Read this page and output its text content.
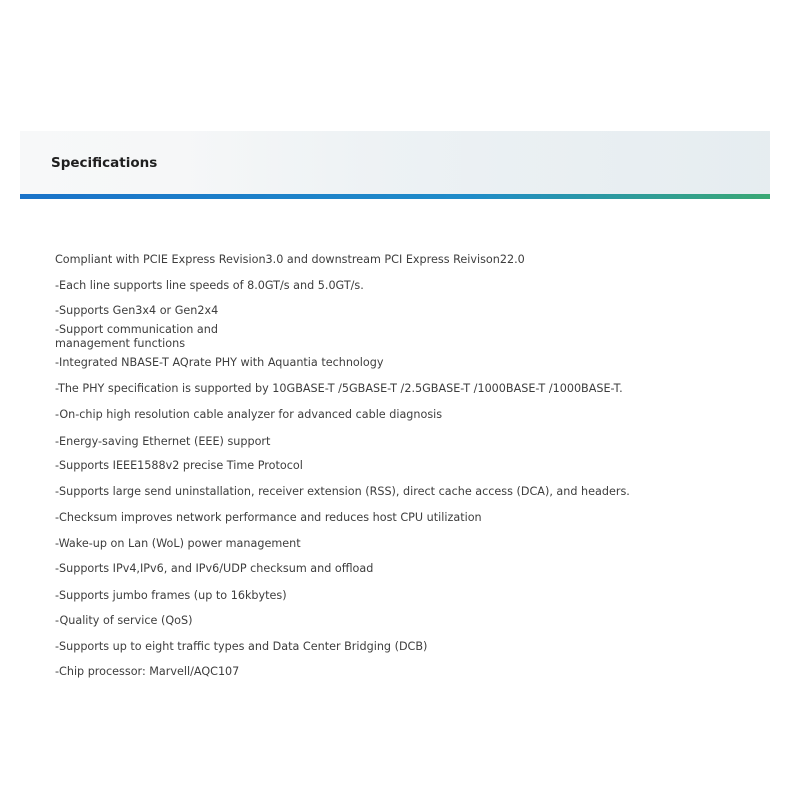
Specifications
Compliant with PCIE Express Revision3.0 and downstream PCI Express Reivison22.0
-Each line supports line speeds of 8.0GT/s and 5.0GT/s.
-Supports Gen3x4 or Gen2x4
-Support communication and
management functions
-Integrated NBASE-T AQrate PHY with Aquantia technology
-The PHY specification is supported by 10GBASE-T /5GBASE-T /2.5GBASE-T /1000BASE-T /1000BASE-T.
-On-chip high resolution cable analyzer for advanced cable diagnosis
-Energy-saving Ethernet (EEE) support
-Supports IEEE1588v2 precise Time Protocol
-Supports large send uninstallation, receiver extension (RSS), direct cache access (DCA), and headers.
-Checksum improves network performance and reduces host CPU utilization
-Wake-up on Lan (WoL) power management
-Supports IPv4,IPv6, and IPv6/UDP checksum and offload
-Supports jumbo frames (up to 16kbytes)
-Quality of service (QoS)
-Supports up to eight traffic types and Data Center Bridging (DCB)
-Chip processor: Marvell/AQC107
